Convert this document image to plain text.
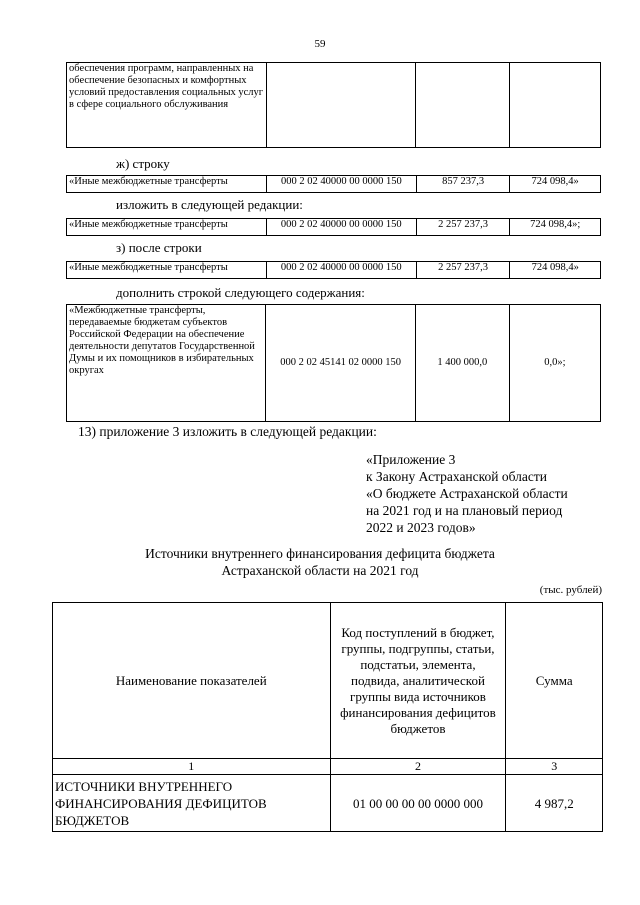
59
обеспечения программ, направленных на обеспечение безопасных и комфортных условий предоставления социальных услуг в сфере социального обслуживания			
ж) строку
«Иные межбюджетные трансферты	000 2 02 40000 00 0000 150	857 237,3	724 098,4»
изложить в следующей редакции:
«Иные межбюджетные трансферты	000 2 02 40000 00 0000 150	2 257 237,3	724 098,4»;
з) после строки
«Иные межбюджетные трансферты	000 2 02 40000 00 0000 150	2 257 237,3	724 098,4»
дополнить строкой следующего содержания:
«Межбюджетные трансферты, передаваемые бюджетам субъектов Российской Федерации на обеспечение деятельности депутатов Государственной Думы и их помощников в избирательных округах	000 2 02 45141 02 0000 150	1 400 000,0	0,0»;
13) приложение 3 изложить в следующей редакции:
«Приложение 3
к Закону Астраханской области
«О бюджете Астраханской области
на 2021 год и на плановый период
2022 и 2023 годов»
Источники внутреннего финансирования дефицита бюджета
Астраханской области на 2021 год
(тыс. рублей)
Наименование показателей	Код поступлений в бюджет, группы, подгруппы, статьи, подстатьи, элемента, подвида, аналитической группы вида источников финансирования дефицитов бюджетов	Сумма
1	2	3
ИСТОЧНИКИ ВНУТРЕННЕГО ФИНАНСИРОВАНИЯ ДЕФИЦИТОВ БЮДЖЕТОВ	01 00 00 00 00 0000 000	4 987,2
